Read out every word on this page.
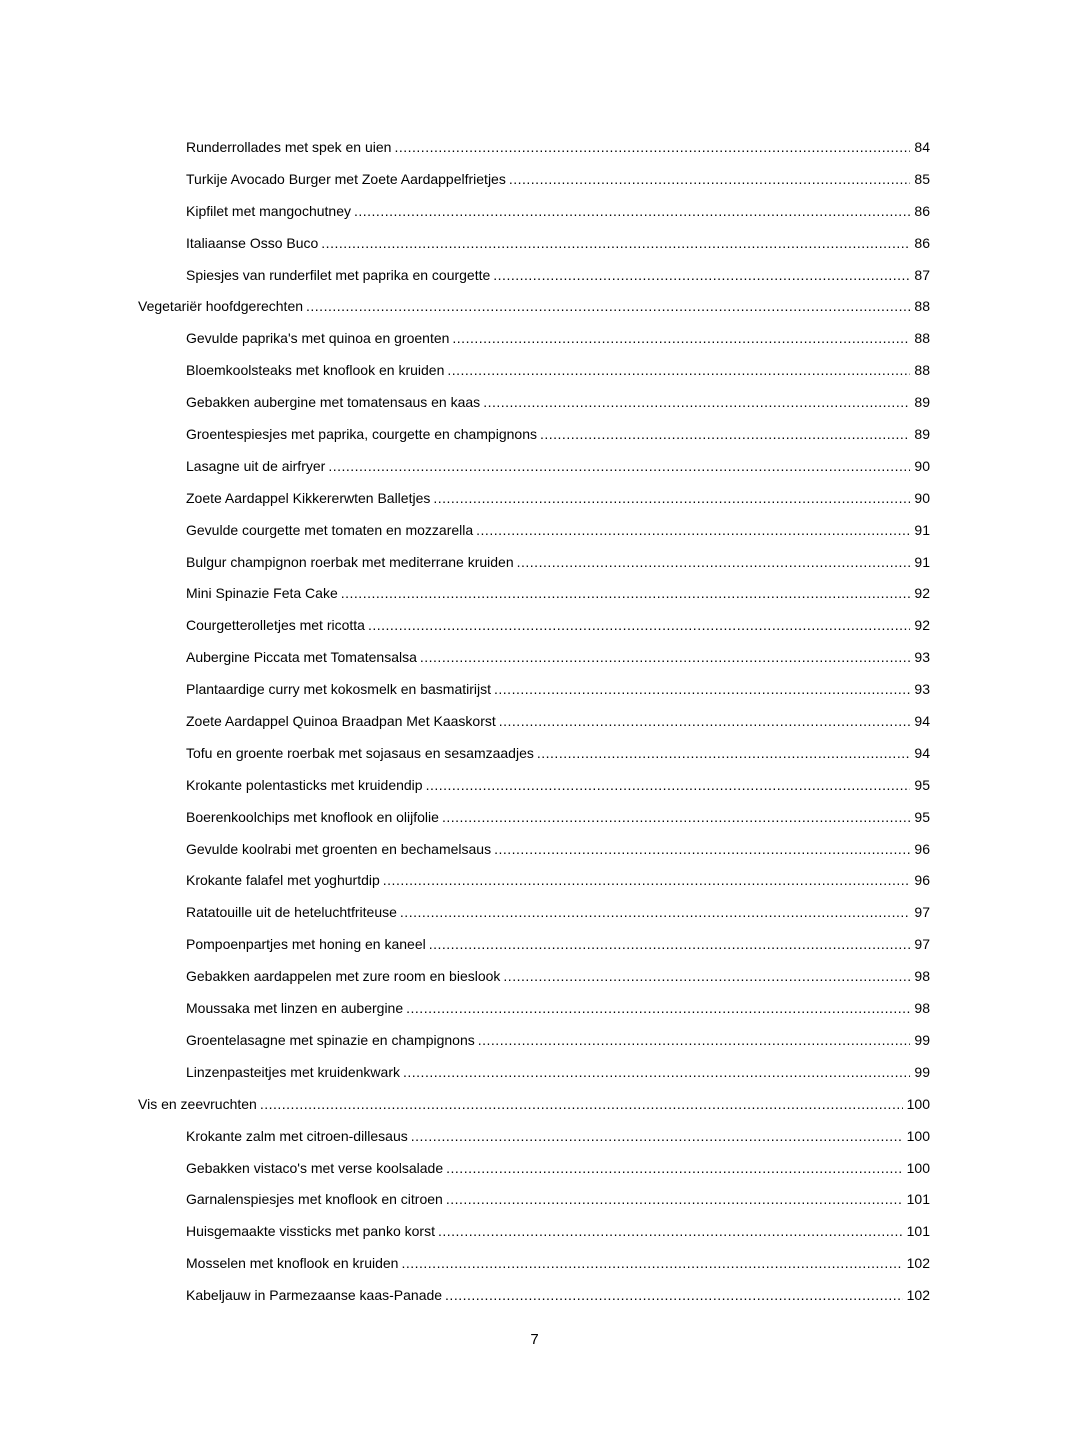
Runderrollades met spek en uien .....	84
Turkije Avocado Burger met Zoete Aardappelfrietjes .....	85
Kipfilet met mangochutney .....	86
Italiaanse Osso Buco .....	86
Spiesjes van runderfilet met paprika en courgette .....	87
Vegetariër hoofdgerechten .....	88
Gevulde paprika's met quinoa en groenten .....	88
Bloemkoolsteaks met knoflook en kruiden .....	88
Gebakken aubergine met tomatensaus en kaas .....	89
Groentespiesjes met paprika, courgette en champignons .....	89
Lasagne uit de airfryer .....	90
Zoete Aardappel Kikkererwten Balletjes .....	90
Gevulde courgette met tomaten en mozzarella .....	91
Bulgur champignon roerbak met mediterrane kruiden .....	91
Mini Spinazie Feta Cake .....	92
Courgetterolletjes met ricotta .....	92
Aubergine Piccata met Tomatensalsa .....	93
Plantaardige curry met kokosmelk en basmatirijst .....	93
Zoete Aardappel Quinoa Braadpan Met Kaaskorst .....	94
Tofu en groente roerbak met sojasaus en sesamzaadjes .....	94
Krokante polentasticks met kruidendip .....	95
Boerenkoolchips met knoflook en olijfolie .....	95
Gevulde koolrabi met groenten en bechamelsaus .....	96
Krokante falafel met yoghurtdip .....	96
Ratatouille uit de heteluchtfriteuse .....	97
Pompoenpartjes met honing en kaneel .....	97
Gebakken aardappelen met zure room en bieslook .....	98
Moussaka met linzen en aubergine .....	98
Groentelasagne met spinazie en champignons .....	99
Linzenpasteitjes met kruidenkwark .....	99
Vis en zeevruchten .....	100
Krokante zalm met citroen-dillesaus .....	100
Gebakken vistaco's met verse koolsalade .....	100
Garnalenspiesjes met knoflook en citroen .....	101
Huisgemaakte vissticks met panko korst .....	101
Mosselen met knoflook en kruiden .....	102
Kabeljauw in Parmezaanse kaas-Panade .....	102
7
